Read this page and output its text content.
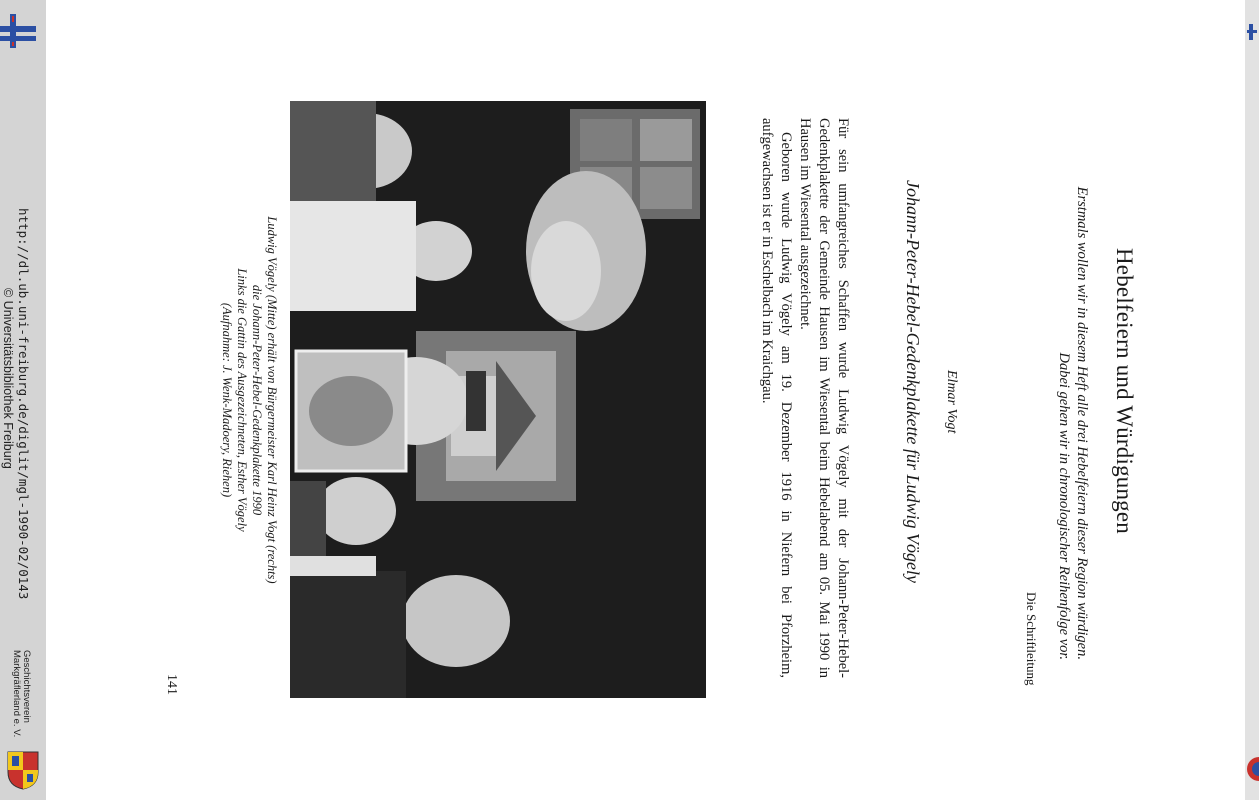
Hebelfeiern und Würdigungen
Erstmals wollen wir in diesem Heft alle drei Hebelfeiern dieser Region würdigen.
Dabei gehen wir in chronologischer Reihenfolge vor.
Die Schriftleitung
Elmar Vogt
Johann-Peter-Hebel-Gedenkplakette für Ludwig Vögely

Für sein umfangreiches Schaffen wurde Ludwig Vögely mit der Johann-Peter-Hebel-Gedenkplakette der Gemeinde Hausen im Wiesental beim Hebelabend am 05. Mai 1990 in Hausen im Wiesental ausgezeichnet.

Geboren wurde Ludwig Vögely am 19. Dezember 1916 in Niefern bei Pforzheim, aufgewachsen ist er in Eschelbach im Kraichgau.

Ludwig Vögely (Mitte) erhält von Bürgermeister Karl Heinz Vogt (rechts)
die Johann-Peter-Hebel-Gedenkplakette 1990
Links die Gattin des Ausgezeichneten, Esther Vögely
(Aufnahme: J. Wenk-Madoery, Riehen)
141
http://dl.ub.uni-freiburg.de/diglit/mgl-1990-02/0143
© Universitätsbibliothek Freiburg
Geschichtsverein
Markgräflerland e. V.
